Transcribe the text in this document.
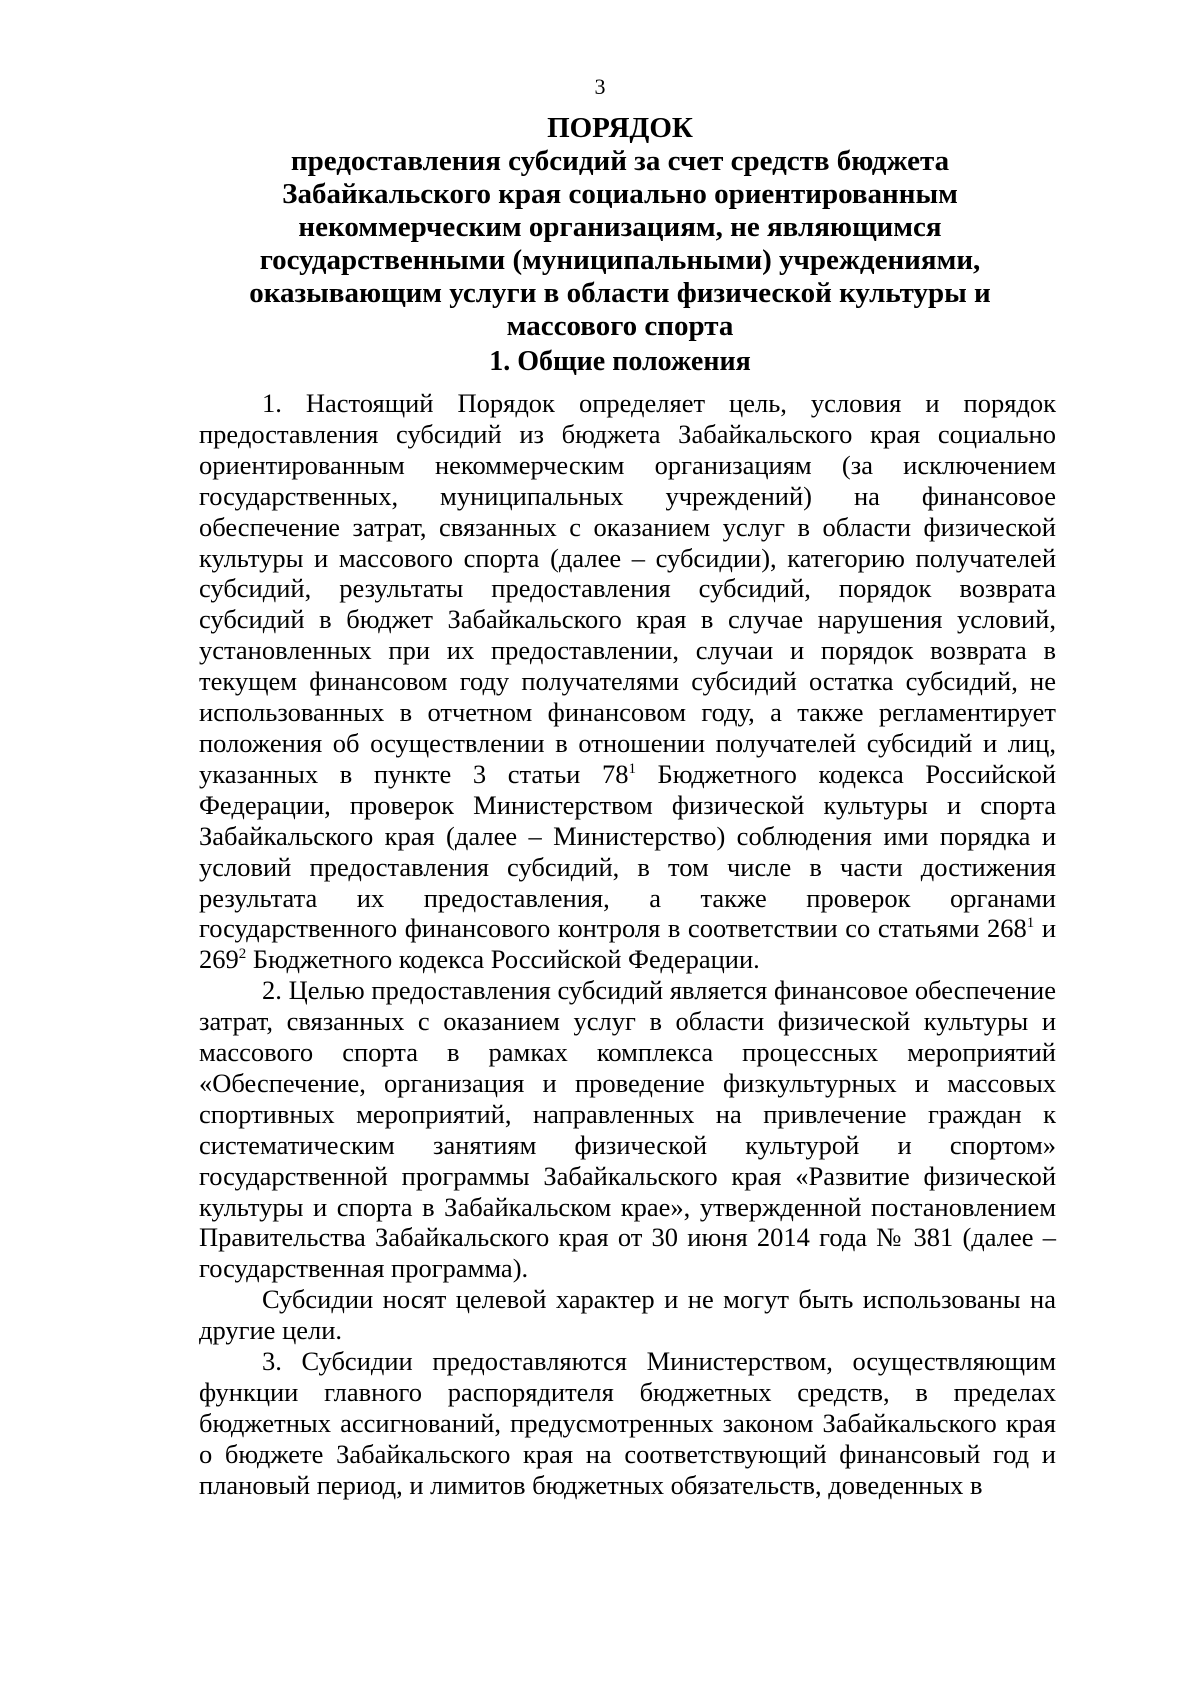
3
ПОРЯДОК
предоставления субсидий за счет средств бюджета Забайкальского края социально ориентированным некоммерческим организациям, не являющимся государственными (муниципальными) учреждениями, оказывающим услуги в области физической культуры и массового спорта
1. Общие положения

1. Настоящий Порядок определяет цель, условия и порядок предоставления субсидий из бюджета Забайкальского края социально ориентированным некоммерческим организациям (за исключением государственных, муниципальных учреждений) на финансовое обеспечение затрат, связанных с оказанием услуг в области физической культуры и массового спорта (далее – субсидии), категорию получателей субсидий, результаты предоставления субсидий, порядок возврата субсидий в бюджет Забайкальского края в случае нарушения условий, установленных при их предоставлении, случаи и порядок возврата в текущем финансовом году получателями субсидий остатка субсидий, не использованных в отчетном финансовом году, а также регламентирует положения об осуществлении в отношении получателей субсидий и лиц, указанных в пункте 3 статьи $78^1$ Бюджетного кодекса Российской Федерации, проверок Министерством физической культуры и спорта Забайкальского края (далее – Министерство) соблюдения ими порядка и условий предоставления субсидий, в том числе в части достижения результата их предоставления, а также проверок органами государственного финансового контроля в соответствии со статьями $268^1$ и $269^2$ Бюджетного кодекса Российской Федерации.

2. Целью предоставления субсидий является финансовое обеспечение затрат, связанных с оказанием услуг в области физической культуры и массового спорта в рамках комплекса процессных мероприятий «Обеспечение, организация и проведение физкультурных и массовых спортивных мероприятий, направленных на привлечение граждан к систематическим занятиям физической культурой и спортом» государственной программы Забайкальского края «Развитие физической культуры и спорта в Забайкальском крае», утвержденной постановлением Правительства Забайкальского края от 30 июня 2014 года № 381 (далее – государственная программа).

Субсидии носят целевой характер и не могут быть использованы на другие цели.

3. Субсидии предоставляются Министерством, осуществляющим функции главного распорядителя бюджетных средств, в пределах бюджетных ассигнований, предусмотренных законом Забайкальского края о бюджете Забайкальского края на соответствующий финансовый год и плановый период, и лимитов бюджетных обязательств, доведенных в
